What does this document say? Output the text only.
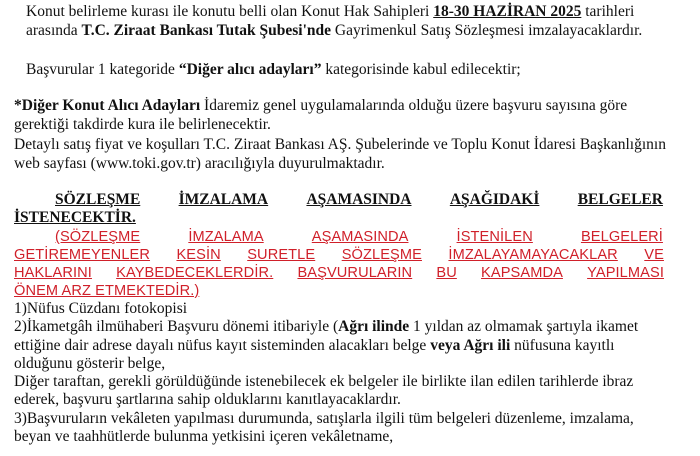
Konut belirleme kurası ile konutu belli olan Konut Hak Sahipleri 18-30 HAZİRAN 2025 tarihleri
arasında T.C. Ziraat Bankası Tutak Şubesi'nde Gayrimenkul Satış Sözleşmesi imzalayacaklardır.
Başvurular 1 kategoride “Diğer alıcı adayları” kategorisinde kabul edilecektir;
*Diğer Konut Alıcı Adayları İdaremiz genel uygulamalarında olduğu üzere başvuru sayısına göre
gerektiği takdirde kura ile belirlenecektir.
Detaylı satış fiyat ve koşulları T.C. Ziraat Bankası AŞ. Şubelerinde ve Toplu Konut İdaresi Başkanlığının
web sayfası (www.toki.gov.tr) aracılığıyla duyurulmaktadır.
SÖZLEŞME İMZALAMA AŞAMASINDA AŞAĞIDAKİ BELGELER
İSTENECEKTİR.
(SÖZLEŞME	İMZALAMA	AŞAMASINDA	İSTENİLEN	BELGELERİ
GETİREMEYENLER KESİN SURETLE SÖZLEŞME İMZALAYAMAYACAKLAR VE
HAKLARINI KAYBEDECEKLERDİR. BAŞVURULARIN BU KAPSAMDA YAPILMASI
ÖNEM ARZ ETMEKTEDİR.)
1)Nüfus Cüzdanı fotokopisi
2)İkametgâh ilmühaberi Başvuru dönemi itibariyle (Ağrı ilinde 1 yıldan az olmamak şartıyla ikamet
ettiğine dair adrese dayalı nüfus kayıt sisteminden alacakları belge veya Ağrı ili nüfusuna kayıtlı
olduğunu gösterir belge,
Diğer taraftan, gerekli görüldüğünde istenebilecek ek belgeler ile birlikte ilan edilen tarihlerde ibraz
ederek, başvuru şartlarına sahip olduklarını kanıtlayacaklardır.
3)Başvuruların vekâleten yapılması durumunda, satışlarla ilgili tüm belgeleri düzenleme, imzalama,
beyan ve taahhütlerde bulunma yetkisini içeren vekâletname,
